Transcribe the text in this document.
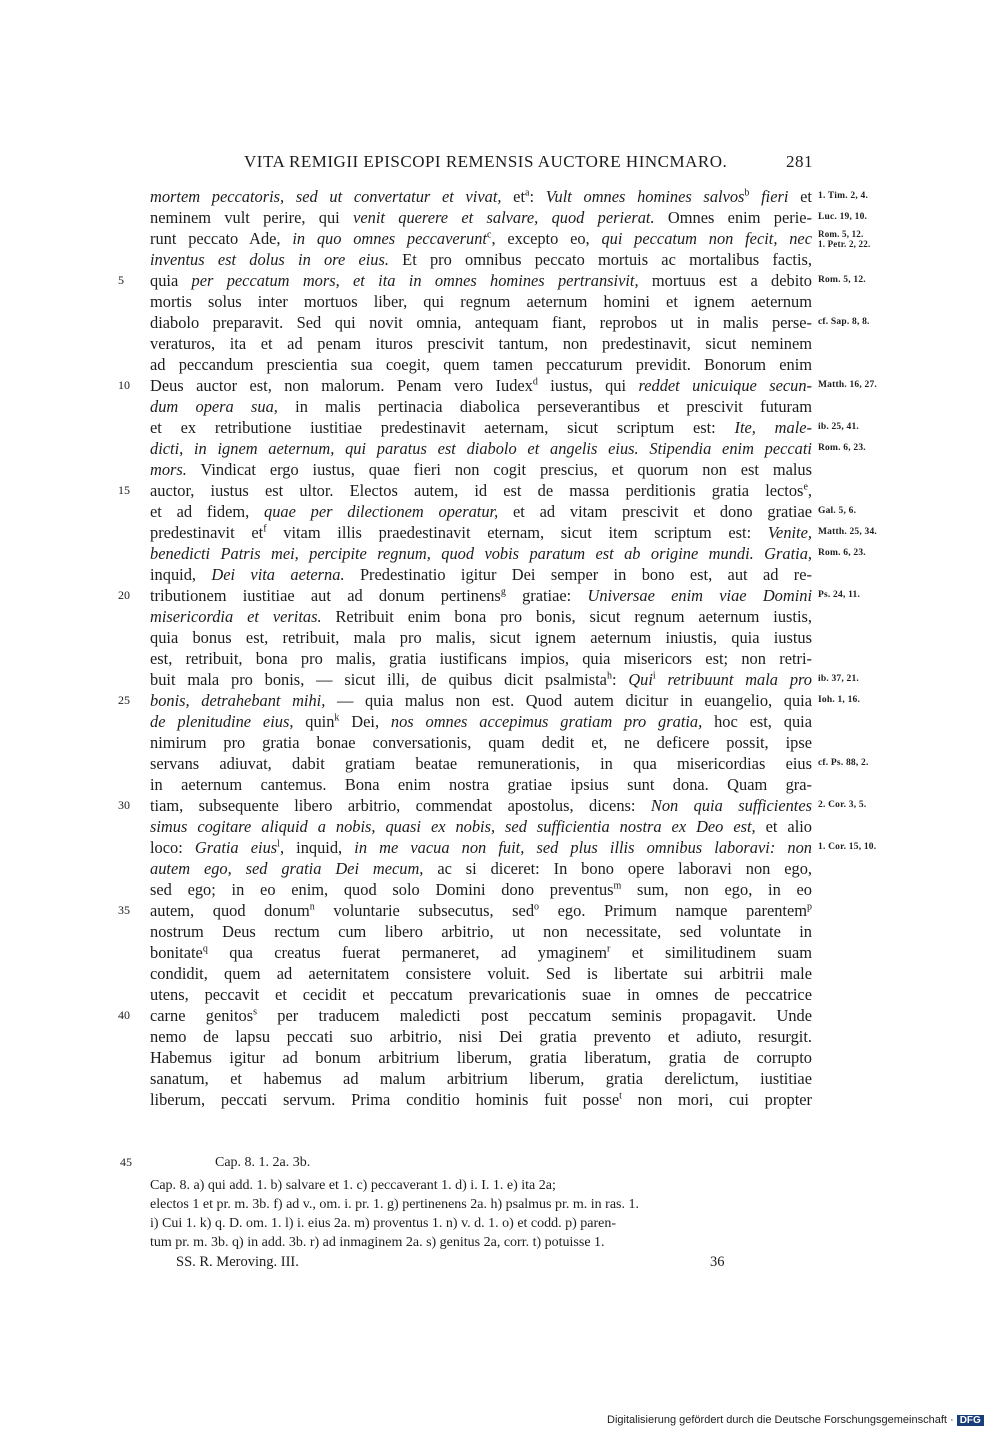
VITA REMIGII EPISCOPI REMENSIS AUCTORE HINCMARO.	281
mortem peccatoris, sed ut convertatur et vivat, $et^a$: Vult omnes homines salvos$^b$ fieri et
neminem vult perire, qui venit querere et salvare, quod perierat. Omnes enim perie-
runt peccato Ade, in quo omnes peccaverunt$^c$, excepto eo, qui peccatum non fecit, nec
inventus est dolus in ore eius. Et pro omnibus peccato mortuis ac mortalibus factis,
quia per peccatum mors, et ita in omnes homines pertransivit, mortuus est a debito
mortis solus inter mortuos liber, qui regnum aeternum homini et ignem aeternum
diabolo preparavit. Sed qui novit omnia, antequam fiant, reprobos ut in malis perse-
veraturos, ita et ad penam ituros prescivit tantum, non predestinavit, sicut neminem
ad peccandum prescientia sua coegit, quem tamen peccaturum previdit. Bonorum enim
Deus auctor est, non malorum. Penam vero Iudex$^d$ iustus, qui reddet unicuique secun-
dum opera sua, in malis pertinacia diabolica perseverantibus et prescivit futuram
et ex retributione iustitiae predestinavit aeternam, sicut scriptum est: Ite, male-
dicti, in ignem aeternum, qui paratus est diabolo et angelis eius. Stipendia enim peccati
mors. Vindicat ergo iustus, quae fieri non cogit prescius, et quorum non est malus
auctor, iustus est ultor. Electos autem, id est de massa perditionis gratia lectos$^e$,
et ad fidem, quae per dilectionem operatur, et ad vitam prescivit et dono gratiae
predestinavit $et^f$ vitam illis praedestinavit eternam, sicut item scriptum est: Venite,
benedicti Patris mei, percipite regnum, quod vobis paratum est ab origine mundi. Gratia,
inquid, Dei vita aeterna. Predestinatio igitur Dei semper in bono est, aut ad re-
tributionem iustitiae aut ad donum pertinens$^g$ gratiae: Universae enim viae Domini
misericordia et veritas. Retribuit enim bona pro bonis, sicut regnum aeternum iustis,
quia bonus est, retribuit, mala pro malis, sicut ignem aeternum iniustis, quia iustus
est, retribuit, bona pro malis, gratia iustificans impios, quia misericors est; non retri-
buit mala pro bonis, — sicut illi, de quibus dicit psalmista$^h$: Qui$^i$ retribuunt mala pro
bonis, detrahebant mihi, — quia malus non est. Quod autem dicitur in euangelio, quia
de plenitudine eius, quin$^k$ Dei, nos omnes accepimus gratiam pro gratia, hoc est, quia
nimirum pro gratia bonae conversationis, quam dedit et, ne deficere possit, ipse
servans adiuvat, dabit gratiam beatae remunerationis, in qua misericordias eius
in aeternum cantemus. Bona enim nostra gratiae ipsius sunt dona. Quam gra-
tiam, subsequente libero arbitrio, commendat apostolus, dicens: Non quia sufficientes
simus cogitare aliquid a nobis, quasi ex nobis, sed sufficientia nostra ex Deo est, et alio
loco: Gratia eius$^l$, inquid, in me vacua non fuit, sed plus illis omnibus laboravi: non
autem ego, sed gratia Dei mecum, ac si diceret: In bono opere laboravi non ego,
sed ego; in eo enim, quod solo Domini dono preventus$^m$ sum, non ego, in eo
autem, quod donum$^n$ voluntarie subsecutus, sed$^o$ ego. Primum namque parentem$^p$
nostrum Deus rectum cum libero arbitrio, ut non necessitate, sed voluntate in
bonitate$^q$ qua creatus fuerat permaneret, ad ymaginem$^r$ et similitudinem suam
condidit, quem ad aeternitatem consistere voluit. Sed is libertate sui arbitrii male
utens, peccavit et cecidit et peccatum prevaricationis suae in omnes de peccatrice
carne genitos$^s$ per traducem maledicti post peccatum seminis propagavit. Unde
nemo de lapsu peccati suo arbitrio, nisi Dei gratia prevento et adiuto, resurgit.
Habemus igitur ad bonum arbitrium liberum, gratia liberatum, gratia de corrupto
sanatum, et habemus ad malum arbitrium liberum, gratia derelictum, iustitiae
liberum, peccati servum. Prima conditio hominis fuit posse$^t$ non mori, cui propter
5
10
15
20
25
30
35
40
1. Tim. 2, 4.
Luc. 19, 10.
Rom. 5, 12.
1. Petr. 2, 22.
Rom. 5, 12.
cf. Sap. 8, 8.
Matth. 16, 27.
ib. 25, 41.
Rom. 6, 23.
Gal. 5, 6.
Matth. 25, 34.
Rom. 6, 23.
Ps. 24, 11.
ib. 37, 21.
Ioh. 1, 16.
cf. Ps. 88, 2.
2. Cor. 3, 5.
1. Cor. 15, 10.
45	Cap. 8. 1. 2a. 3b.
Cap. 8. a) qui add. 1. b) salvare et 1. c) peccaverant 1. d) i. I. 1. e) ita 2a;
electos 1 et pr. m. 3b. f) ad v., om. i. pr. 1. g) pertinenens 2a. h) psalmus pr. m. in ras. 1.
i) Cui 1. k) q. D. om. 1. l) i. eius 2a. m) proventus 1. n) v. d. 1. o) et codd. p) paren-
tum pr. m. 3b. q) in add. 3b. r) ad inmaginem 2a. s) genitus 2a, corr. t) potuisse 1.
SS. R. Meroving. III.	36
Digitalisierung gefördert durch die Deutsche Forschungsgemeinschaft · DFG
